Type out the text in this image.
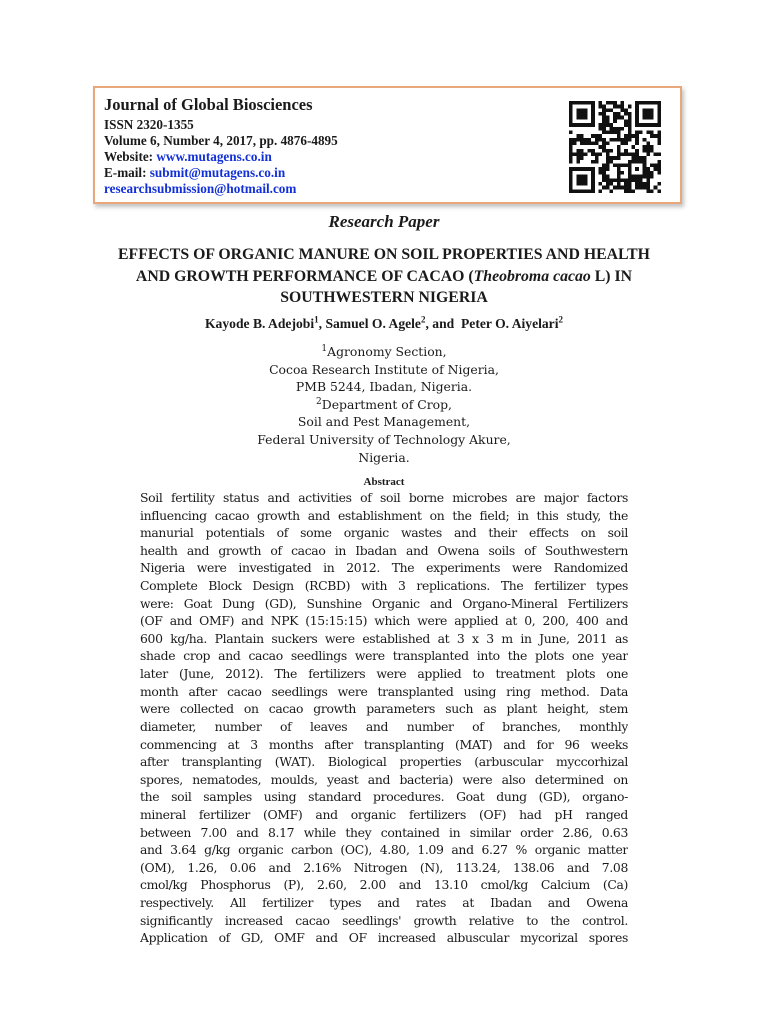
Journal of Global Biosciences
ISSN 2320-1355
Volume 6, Number 4, 2017, pp. 4876-4895
Website: www.mutagens.co.in
E-mail: submit@mutagens.co.in
researchsubmission@hotmail.com
Research Paper
EFFECTS OF ORGANIC MANURE ON SOIL PROPERTIES AND HEALTH
AND GROWTH PERFORMANCE OF CACAO (Theobroma cacao L) IN
SOUTHWESTERN NIGERIA
Kayode B. Adejobi$^1$, Samuel O. Agele$^2$, and  Peter O. Aiyelari$^2$
$^1$Agronomy Section,
Cocoa Research Institute of Nigeria,
PMB 5244, Ibadan, Nigeria.
$^2$Department of Crop,
Soil and Pest Management,
Federal University of Technology Akure,
Nigeria.
Abstract
Soil fertility status and activities of soil borne microbes are major factors
influencing cacao growth and establishment on the field; in this study, the
manurial potentials of some organic wastes and their effects on soil
health and growth of cacao in Ibadan and Owena soils of Southwestern
Nigeria were investigated in 2012. The experiments were Randomized
Complete Block Design (RCBD) with 3 replications. The fertilizer types
were: Goat Dung (GD), Sunshine Organic and Organo-Mineral Fertilizers
(OF and OMF) and NPK (15:15:15) which were applied at 0, 200, 400 and
600 kg/ha. Plantain suckers were established at 3 x 3 m in June, 2011 as
shade crop and cacao seedlings were transplanted into the plots one year
later (June, 2012). The fertilizers were applied to treatment plots one
month after cacao seedlings were transplanted using ring method. Data
were collected on cacao growth parameters such as plant height, stem
diameter, number of leaves and number of branches, monthly
commencing at 3 months after transplanting (MAT) and for 96 weeks
after transplanting (WAT). Biological properties (arbuscular myccorhizal
spores, nematodes, moulds, yeast and bacteria) were also determined on
the soil samples using standard procedures. Goat dung (GD), organo-
mineral fertilizer (OMF) and organic fertilizers (OF) had pH ranged
between 7.00 and 8.17 while they contained in similar order 2.86, 0.63
and 3.64 g/kg organic carbon (OC), 4.80, 1.09 and 6.27 % organic matter
(OM), 1.26, 0.06 and 2.16% Nitrogen (N), 113.24, 138.06 and 7.08
cmol/kg Phosphorus (P), 2.60, 2.00 and 13.10 cmol/kg Calcium (Ca)
respectively. All fertilizer types and rates at Ibadan and Owena
significantly increased cacao seedlings' growth relative to the control.
Application of GD, OMF and OF increased albuscular mycorizal spores
